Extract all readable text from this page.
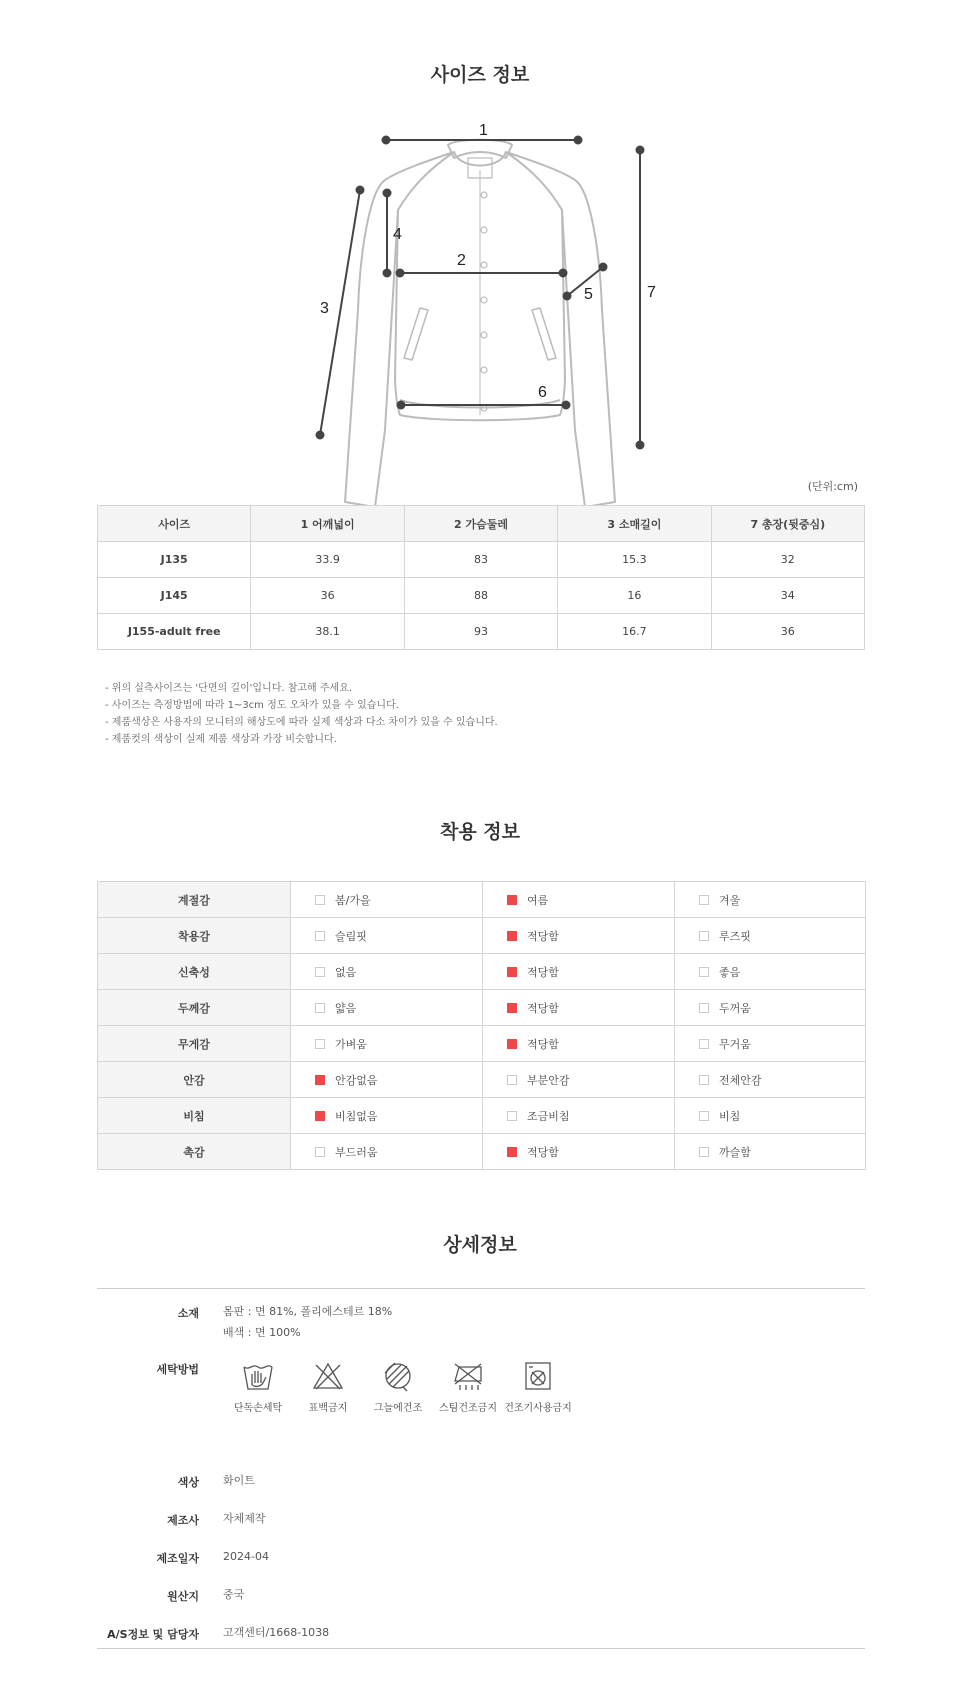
사이즈 정보
1
2
3
4
5
6
7
(단위:cm)
사이즈	1 어깨넓이	2 가슴둘레	3 소매길이	7 총장(뒷중심)
J135	33.9	83	15.3	32
J145	36	88	16	34
J155-adult free	38.1	93	16.7	36
- 위의 실측사이즈는 '단면의 길이'입니다. 참고해 주세요.
- 사이즈는 측정방법에 따라 1~3cm 정도 오차가 있을 수 있습니다.
- 제품색상은 사용자의 모니터의 해상도에 따라 실제 색상과 다소 차이가 있을 수 있습니다.
- 제품컷의 색상이 실제 제품 색상과 가장 비슷합니다.
착용 정보
계절감	봄/가을	여름	겨울
착용감	슬림핏	적당함	루즈핏
신축성	없음	적당함	좋음
두께감	얇음	적당함	두꺼움
무게감	가벼움	적당함	무거움
안감	안감없음	부분안감	전체안감
비침	비침없음	조금비침	비침
촉감	부드러움	적당함	까슬함
상세정보
소재 몸판 : 면 81%, 폴리에스테르 18%
배색 : 면 100%
세탁방법
단독손세탁	표백금지	그늘에건조	스팀건조금지 건조기사용금지
색상 화이트
제조사 자체제작
제조일자 2024-04
원산지 중국
A/S정보 및 담당자 고객센터/1668-1038
